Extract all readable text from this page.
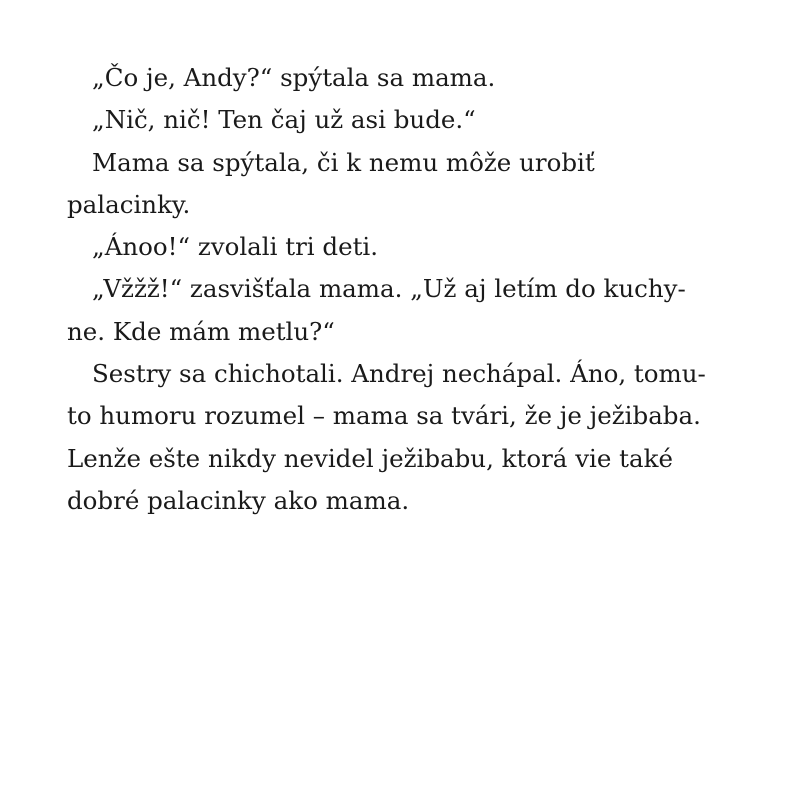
„Čo je, Andy?“ spýtala sa mama.
„Nič, nič! Ten čaj už asi bude.“
Mama sa spýtala, či k nemu môže urobiť
palacinky.
„Ánoo!“ zvolali tri deti.
„Vžžž!“ zasvišťala mama. „Už aj letím do kuchy-
ne. Kde mám metlu?“
Sestry sa chichotali. Andrej nechápal. Áno, tomu-
to humoru rozumel – mama sa tvári, že je ježibaba.
Lenže ešte nikdy nevidel ježibabu, ktorá vie také
dobré palacinky ako mama.
